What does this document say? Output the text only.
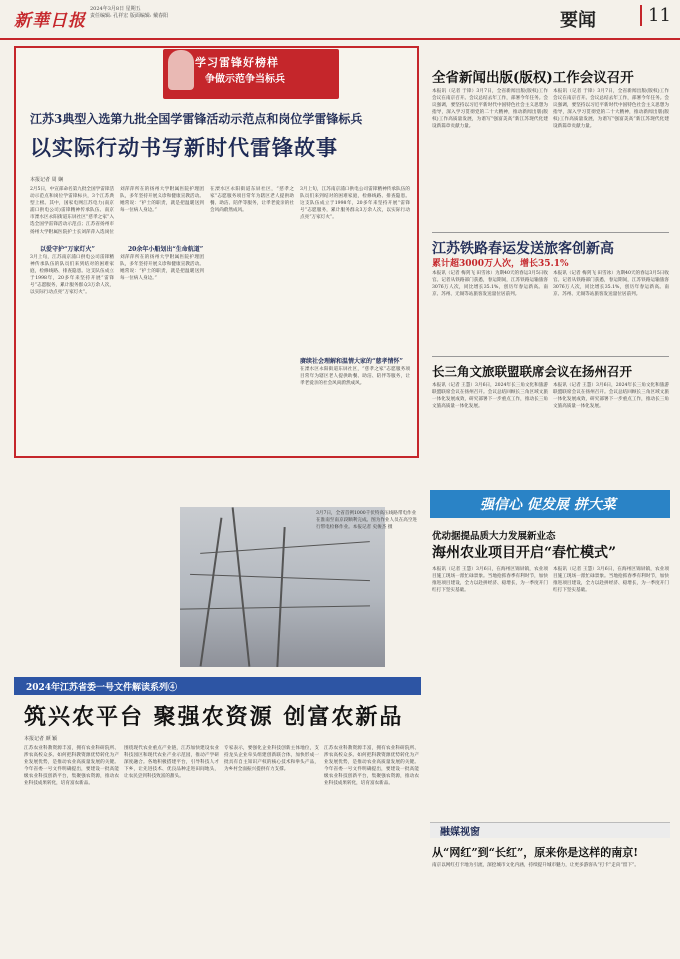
新華日报
2024年3月8日 星期五
责任编辑: 孔祥宏 版面编辑: 戴春阳	要闻	11
学习雷锋好榜样
争做示范争当标兵
江苏3典型入选第九批全国学雷锋活动示范点和岗位学雷锋标兵
以实际行动书写新时代雷锋故事
本报记者 周 娴
2月5日，中宣部命名第九批全国学雷锋活动示范点和岗位学雷锋标兵，3个江苏典型上榜。其中，国家电网江苏电力(南京浦口供电公司)雷锋精神传承队伍、南京市溧水区永阳街道东屏社区“慈孝之家”入选全国学雷锋活动示范点；江苏省扬州市扬州大学附属医院护士长刘萍萍入选岗位
以爱守护“万家灯火”
3月上旬，江苏南京浦口供电公司雷锋精神传承队伍的队员们来到结对的困难家庭，检修线路、排查隐患。这支队伍成立于1998年，20多年来坚持开展“雷锋号”志愿服务，累计服务群众3万余人次，以实际行动点亮“万家灯火”。
刘萍萍所在的扬州大学附属医院护理团队，多年坚持开展义诊和健康宣教活动。她常说：“护士的职责，就是把温暖送到每一位病人身边。”
20余年小船划出“生命航道”
刘萍萍所在的扬州大学附属医院护理团队，多年坚持开展义诊和健康宣教活动。她常说：“护士的职责，就是把温暖送到每一位病人身边。”
在溧水区永阳街道东屏社区，“慈孝之家”志愿服务项目常年为辖区老人提供助餐、助洁、陪伴等服务，让孝老爱亲的社会风尚蔚然成风。
3月上旬，江苏南京浦口供电公司雷锋精神传承队伍的队员们来到结对的困难家庭，检修线路、排查隐患。这支队伍成立于1998年，20多年来坚持开展“雷锋号”志愿服务，累计服务群众3万余人次，以实际行动点亮“万家灯火”。
赓续社会理解和温情大家的“慈孝情怀”
在溧水区永阳街道东屏社区，“慈孝之家”志愿服务项目常年为辖区老人提供助餐、助洁、陪伴等服务，让孝老爱亲的社会风尚蔚然成风。
全省新闻出版(版权)工作会议召开
本报讯（记者 于锋）3月7日，全省新闻出版(版权)工作会议在南京召开。会议总结去年工作，部署今年任务。会议强调，要坚持以习近平新时代中国特色社会主义思想为指导，深入学习贯彻党的二十大精神，推动新闻出版(版权)工作高质量发展，为谱写“强富美高”新江苏现代化建设新篇章贡献力量。
本报讯（记者 于锋）3月7日，全省新闻出版(版权)工作会议在南京召开。会议总结去年工作，部署今年任务。会议强调，要坚持以习近平新时代中国特色社会主义思想为指导，深入学习贯彻党的二十大精神，推动新闻出版(版权)工作高质量发展，为谱写“强富美高”新江苏现代化建设新篇章贡献力量。
江苏铁路春运发送旅客创新高
累计超3000万人次，增长35.1%
本报讯（记者 梅剑飞 田雪冰）为期40天的春运3月5日收官。记者从铁路部门获悉，春运期间，江苏铁路运输旅客3076万人次，同比增长35.1%，创历年春运新高。南京、苏州、无锡等站旅客发送量位居前列。
本报讯（记者 梅剑飞 田雪冰）为期40天的春运3月5日收官。记者从铁路部门获悉，春运期间，江苏铁路运输旅客3076万人次，同比增长35.1%，创历年春运新高。南京、苏州、无锡等站旅客发送量位居前列。
长三角文旅联盟联席会议在扬州召开
本报讯（记者 王慧）3月6日，2024年长三角文化和旅游联盟联席会议在扬州召开。会议总结回顾长三角区域文旅一体化发展成效，研究部署下一步重点工作，推动长三角文旅高质量一体化发展。
本报讯（记者 王慧）3月6日，2024年长三角文化和旅游联盟联席会议在扬州召开。会议总结回顾长三角区域文旅一体化发展成效，研究部署下一步重点工作，推动长三角文旅高质量一体化发展。
强信心 促发展 拼大菜
优动据提品质大力发展新业态
海州农业项目开启“春忙模式”
本报讯（记者 王慧）3月6日，在海州区锦屏镇，农业项目施工现场一派忙碌景象。当地抢抓春季有利时节，加快推进项目建设，全力以赴拼经济、稳增长，为一季度开门红打下坚实基础。
本报讯（记者 王慧）3月6日，在海州区锦屏镇，农业项目施工现场一派忙碌景象。当地抢抓春季有利时节，加快推进项目建设，全力以赴拼经济、稳增长，为一季度开门红打下坚实基础。
3月7日，全省首例1000千伏特高压线路带电作业在淮南至南京段顺利完成。图为作业人员在高空进行带电检修作业。本报记者 史俊杰 摄
2024年江苏省委一号文件解读系列④
筑兴农平台 聚强农资源 创富农新品
本报记者 颜 颖
江苏农业科教资源丰富，拥有农业科研院所、涉农高校众多。如何把科教资源优势转化为产业发展优势，是推动农业高质量发展的关键。今年省委一号文件明确提出，要建设一批高能级农业科技创新平台，集聚强农资源，推动农业科技成果转化，培育富农新品。
围绕现代农业重点产业链，江苏加快建设农业科技园区和现代农业产业示范园，推动产学研深度融合。各地积极搭建平台，引导科技人才下乡，让先进技术、优良品种走进田间地头，让农民尝到科技致富的甜头。
专家表示，要强化企业科技创新主体地位，支持龙头企业牵头组建创新联合体，加快形成一批具有自主知识产权的核心技术和拳头产品，为乡村全面振兴提供有力支撑。
江苏农业科教资源丰富，拥有农业科研院所、涉农高校众多。如何把科教资源优势转化为产业发展优势，是推动农业高质量发展的关键。今年省委一号文件明确提出，要建设一批高能级农业科技创新平台，集聚强农资源，推动农业科技成果转化，培育富农新品。
融媒视窗
从“网红”到“长红”，原来你是这样的南京!
南京以网红打卡地为引流，深挖城市文化内涵，持续提升城市魅力，让更多游客从“打卡”走向“留下”。
